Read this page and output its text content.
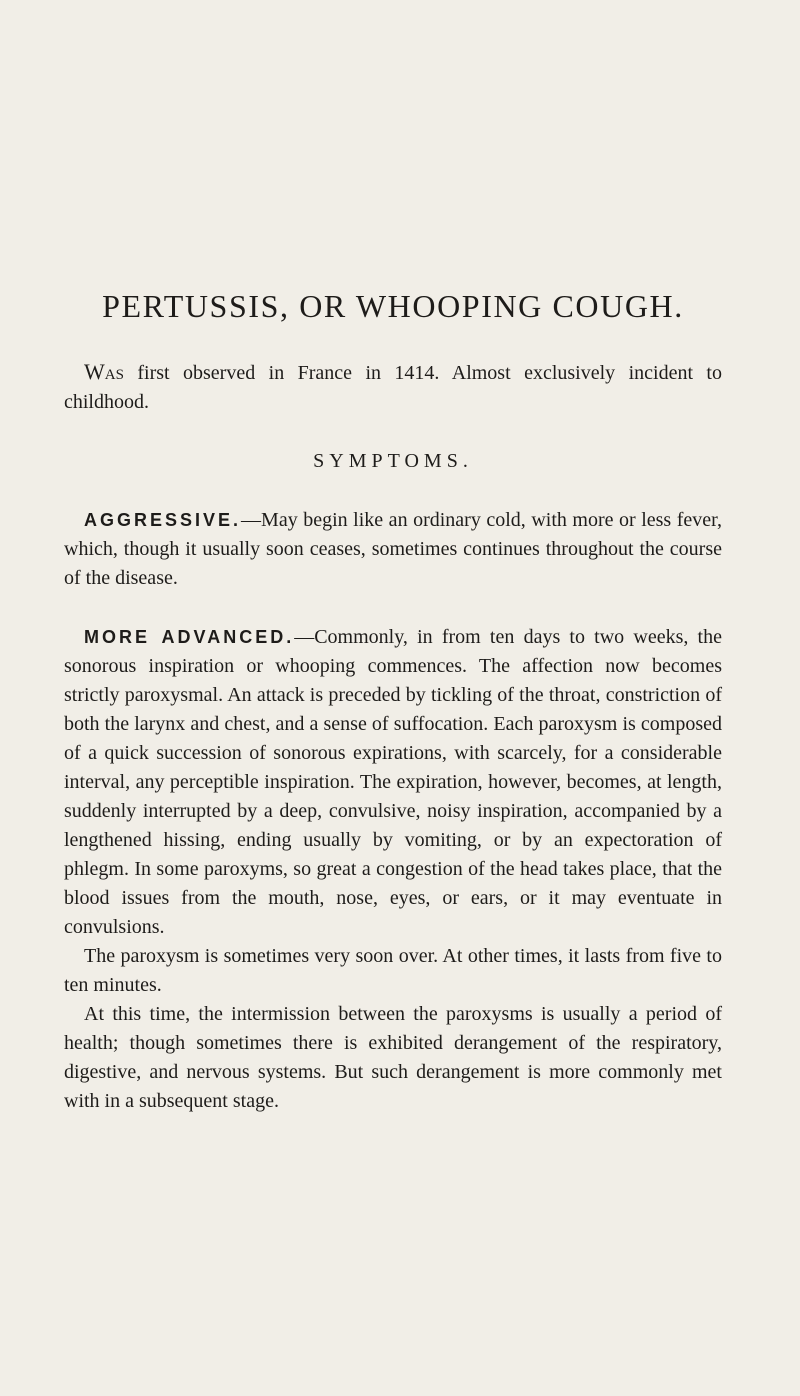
PERTUSSIS, OR WHOOPING COUGH.

Was first observed in France in 1414. Almost exclusively incident to childhood.

SYMPTOMS.

AGGRESSIVE.—May begin like an ordinary cold, with more or less fever, which, though it usually soon ceases, sometimes continues throughout the course of the disease.

MORE ADVANCED.—Commonly, in from ten days to two weeks, the sonorous inspiration or whooping commences. The affection now becomes strictly paroxysmal. An attack is preceded by tickling of the throat, constriction of both the larynx and chest, and a sense of suffocation. Each paroxysm is composed of a quick succession of sonorous expirations, with scarcely, for a considerable interval, any perceptible inspiration. The expiration, however, becomes, at length, suddenly interrupted by a deep, convulsive, noisy inspiration, accompanied by a lengthened hissing, ending usually by vomiting, or by an expectoration of phlegm. In some paroxyms, so great a congestion of the head takes place, that the blood issues from the mouth, nose, eyes, or ears, or it may eventuate in convulsions.

The paroxysm is sometimes very soon over. At other times, it lasts from five to ten minutes.

At this time, the intermission between the paroxysms is usually a period of health; though sometimes there is exhibited derangement of the respiratory, digestive, and nervous systems. But such derangement is more commonly met with in a subsequent stage.
